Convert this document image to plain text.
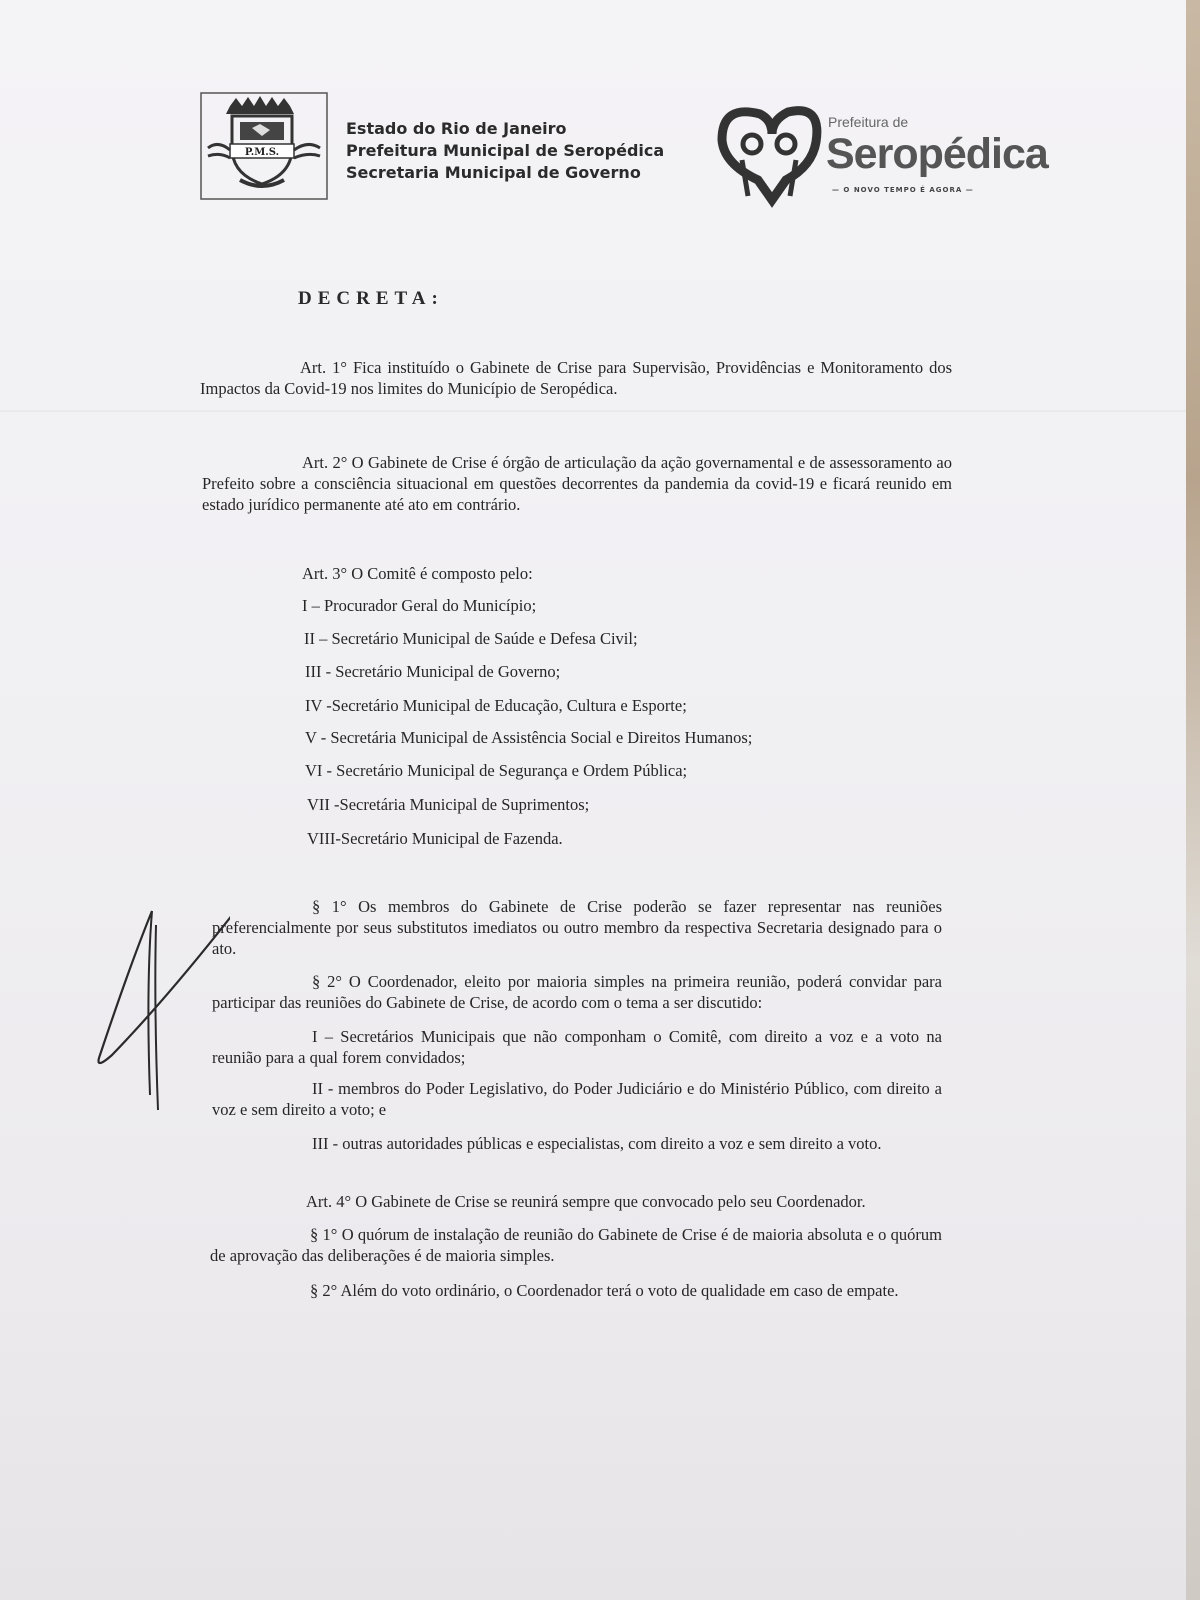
P.M.S.
Estado do Rio de Janeiro
Prefeitura Municipal de Seropédica
Secretaria Municipal de Governo
Prefeitura de
Seropédica
— O NOVO TEMPO É AGORA —
DECRETA:
Art. 1° Fica instituído o Gabinete de Crise para Supervisão, Providências e Monitoramento dos Impactos da Covid-19 nos limites do Município de Seropédica.
Art. 2° O Gabinete de Crise é órgão de articulação da ação governamental e de assessoramento ao Prefeito sobre a consciência situacional em questões decorrentes da pandemia da covid-19 e ficará reunido em estado jurídico permanente até ato em contrário.
Art. 3° O Comitê é composto pelo:
I – Procurador Geral do Município;
II – Secretário Municipal de Saúde e Defesa Civil;
III - Secretário Municipal de Governo;
IV -Secretário Municipal de Educação, Cultura e Esporte;
V - Secretária Municipal de Assistência Social e Direitos Humanos;
VI - Secretário Municipal de Segurança e Ordem Pública;
VII -Secretária Municipal de Suprimentos;
VIII-Secretário Municipal de Fazenda.
§ 1° Os membros do Gabinete de Crise poderão se fazer representar nas reuniões preferencialmente por seus substitutos imediatos ou outro membro da respectiva Secretaria designado para o ato.
§ 2° O Coordenador, eleito por maioria simples na primeira reunião, poderá convidar para participar das reuniões do Gabinete de Crise, de acordo com o tema a ser discutido:
I – Secretários Municipais que não componham o Comitê, com direito a voz e a voto na reunião para a qual forem convidados;
II - membros do Poder Legislativo, do Poder Judiciário e do Ministério Público, com direito a voz e sem direito a voto; e
III - outras autoridades públicas e especialistas, com direito a voz e sem direito a voto.
Art. 4° O Gabinete de Crise se reunirá sempre que convocado pelo seu Coordenador.
§ 1° O quórum de instalação de reunião do Gabinete de Crise é de maioria absoluta e o quórum de aprovação das deliberações é de maioria simples.
§ 2° Além do voto ordinário, o Coordenador terá o voto de qualidade em caso de empate.
